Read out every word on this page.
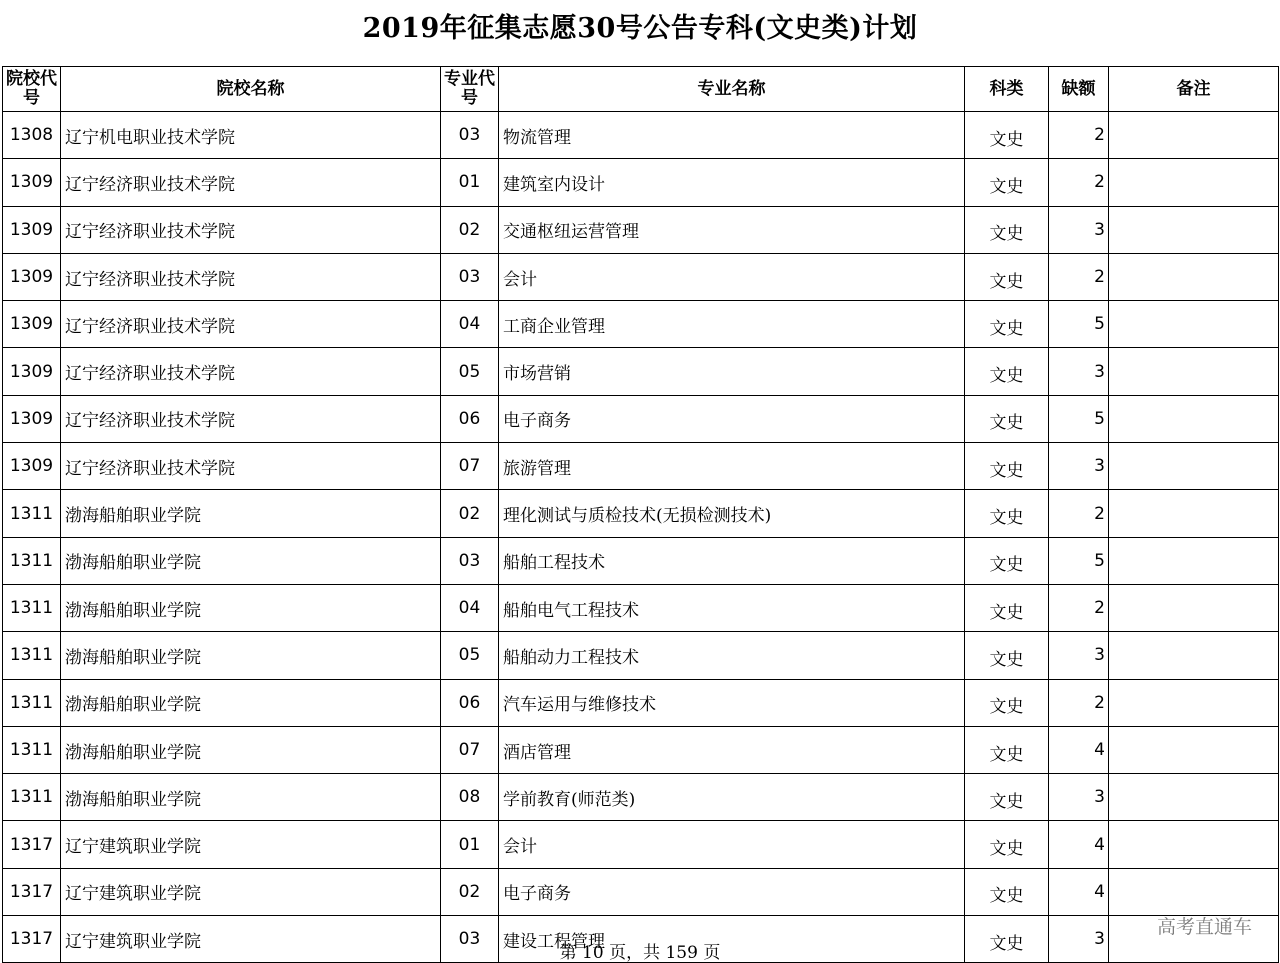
2019年征集志愿30号公告专科(文史类)计划
院校代号	院校名称	专业代号	专业名称	科类	缺额	备注
1308	辽宁机电职业技术学院	03	物流管理	文史	2	
1309	辽宁经济职业技术学院	01	建筑室内设计	文史	2	
1309	辽宁经济职业技术学院	02	交通枢纽运营管理	文史	3	
1309	辽宁经济职业技术学院	03	会计	文史	2	
1309	辽宁经济职业技术学院	04	工商企业管理	文史	5	
1309	辽宁经济职业技术学院	05	市场营销	文史	3	
1309	辽宁经济职业技术学院	06	电子商务	文史	5	
1309	辽宁经济职业技术学院	07	旅游管理	文史	3	
1311	渤海船舶职业学院	02	理化测试与质检技术(无损检测技术)	文史	2	
1311	渤海船舶职业学院	03	船舶工程技术	文史	5	
1311	渤海船舶职业学院	04	船舶电气工程技术	文史	2	
1311	渤海船舶职业学院	05	船舶动力工程技术	文史	3	
1311	渤海船舶职业学院	06	汽车运用与维修技术	文史	2	
1311	渤海船舶职业学院	07	酒店管理	文史	4	
1311	渤海船舶职业学院	08	学前教育(师范类)	文史	3	
1317	辽宁建筑职业学院	01	会计	文史	4	
1317	辽宁建筑职业学院	02	电子商务	文史	4	
1317	辽宁建筑职业学院	03	建设工程管理	文史	3	
高考直通车
第 10 页，共 159 页
